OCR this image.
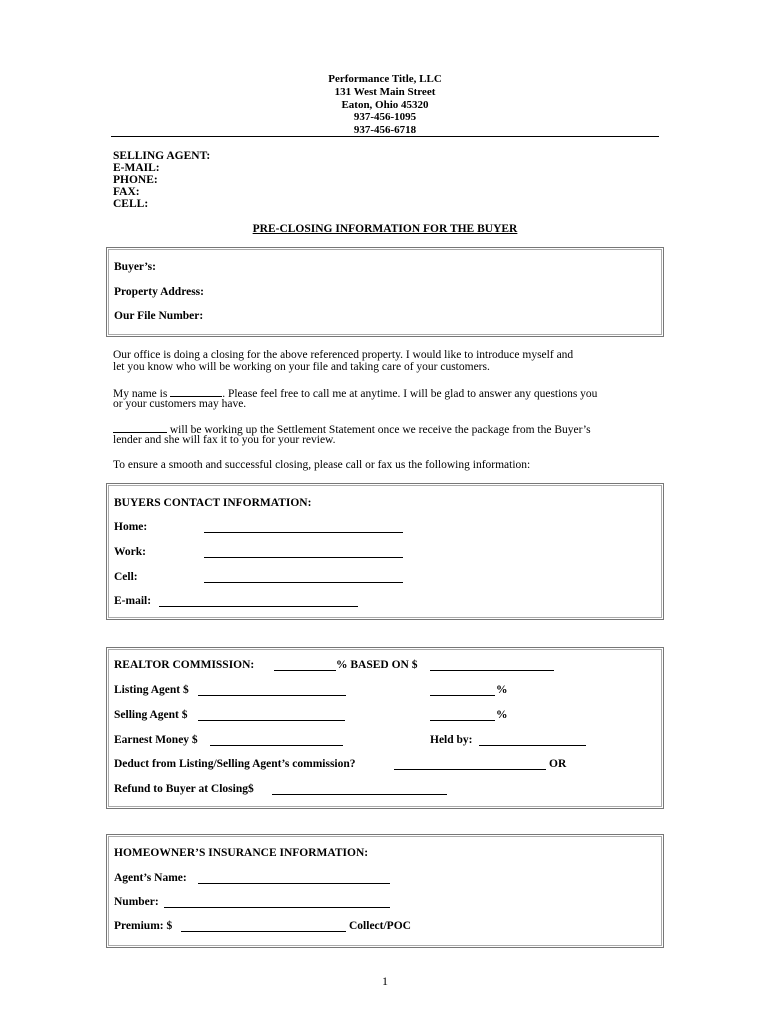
Performance Title, LLC
131 West Main Street
Eaton, Ohio 45320
937-456-1095
937-456-6718
SELLING AGENT:
E-MAIL:
PHONE:
FAX:
CELL:
PRE-CLOSING INFORMATION FOR THE BUYER
Buyer’s:
Property Address:
Our File Number:
Our office is doing a closing for the above referenced property. I would like to introduce myself and
let you know who will be working on your file and taking care of your customers.
My name is	. Please feel free to call me at anytime. I will be glad to answer any questions you
or your customers may have.
will be working up the Settlement Statement once we receive the package from the Buyer’s
lender and she will fax it to you for your review.
To ensure a smooth and successful closing, please call or fax us the following information:
BUYERS CONTACT INFORMATION:
Home:
Work:
Cell:
E-mail:
REALTOR COMMISSION:	% BASED ON $
Listing Agent $	%
Selling Agent $	%
Earnest Money $	Held by:
Deduct from Listing/Selling Agent’s commission?	OR
Refund to Buyer at Closing$
HOMEOWNER’S INSURANCE INFORMATION:
Agent’s Name:
Number:
Premium: $	Collect/POC
1
